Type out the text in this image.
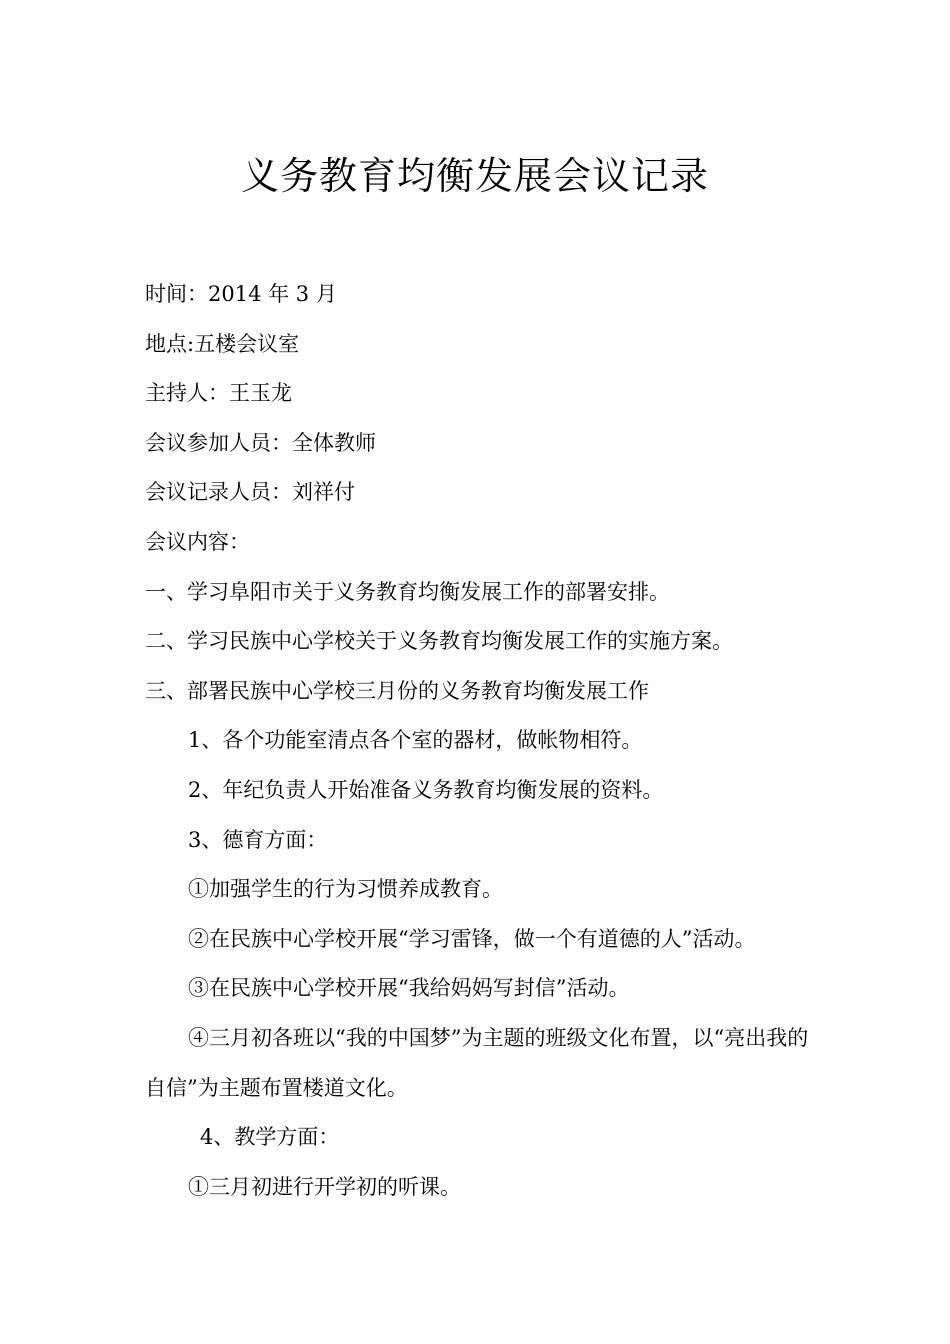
义务教育均衡发展会议记录
时间：2014 年 3 月
地点:五楼会议室
主持人：王玉龙
会议参加人员：全体教师
会议记录人员：刘祥付
会议内容：
一、学习阜阳市关于义务教育均衡发展工作的部署安排。
二、学习民族中心学校关于义务教育均衡发展工作的实施方案。
三、部署民族中心学校三月份的义务教育均衡发展工作
1、各个功能室清点各个室的器材，做帐物相符。
2、年纪负责人开始准备义务教育均衡发展的资料。
3、德育方面：
①加强学生的行为习惯养成教育。
②在民族中心学校开展“学习雷锋，做一个有道德的人”活动。
③在民族中心学校开展“我给妈妈写封信”活动。
④三月初各班以“我的中国梦”为主题的班级文化布置，以“亮出我的自信”为主题布置楼道文化。
4、教学方面：
①三月初进行开学初的听课。
